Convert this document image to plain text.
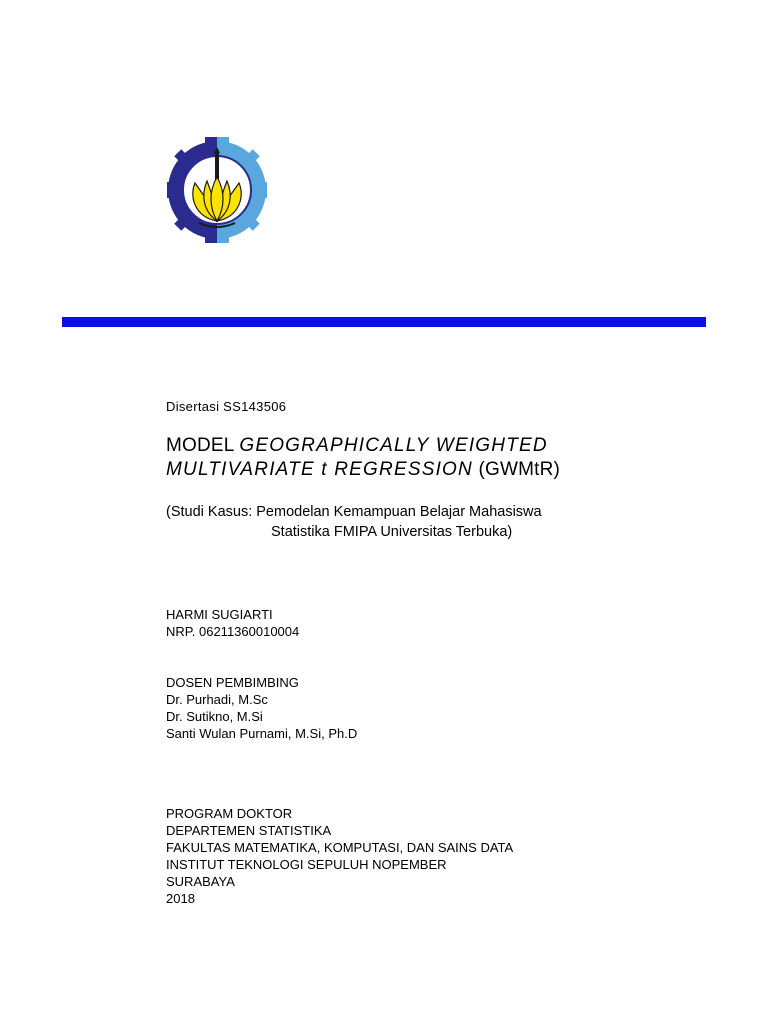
Disertasi SS143506
MODEL GEOGRAPHICALLY WEIGHTED
MULTIVARIATE t REGRESSION (GWMtR)
(Studi Kasus: Pemodelan Kemampuan Belajar Mahasiswa
Statistika FMIPA Universitas Terbuka)
HARMI SUGIARTI
NRP. 06211360010004
DOSEN PEMBIMBING
Dr. Purhadi, M.Sc
Dr. Sutikno, M.Si
Santi Wulan Purnami, M.Si, Ph.D
PROGRAM DOKTOR
DEPARTEMEN STATISTIKA
FAKULTAS MATEMATIKA, KOMPUTASI, DAN SAINS DATA
INSTITUT TEKNOLOGI SEPULUH NOPEMBER
SURABAYA
2018
